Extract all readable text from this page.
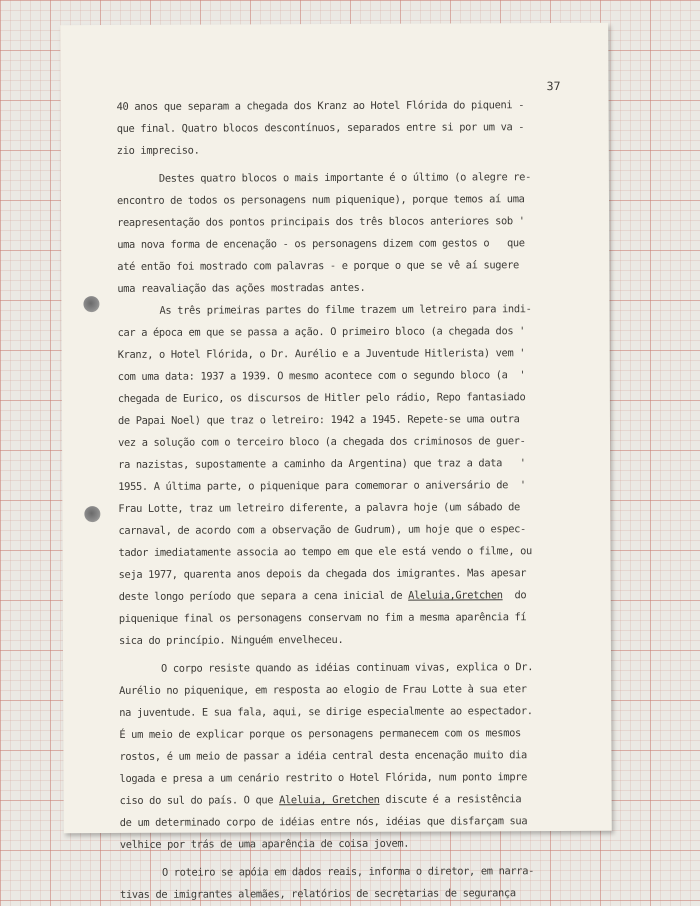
37
40 anos que separam a chegada dos Kranz ao Hotel Flórida do piqueni -
que final. Quatro blocos descontínuos, separados entre si por um va -
zio impreciso.
Destes quatro blocos o mais importante é o último (o alegre re-
encontro de todos os personagens num piquenique), porque temos aí uma
reapresentação dos pontos principais dos três blocos anteriores sob '
uma nova forma de encenação - os personagens dizem com gestos o   que
até então foi mostrado com palavras - e porque o que se vê aí sugere
uma reavaliação das ações mostradas antes.
As três primeiras partes do filme trazem um letreiro para indi-
car a época em que se passa a ação. O primeiro bloco (a chegada dos '
Kranz, o Hotel Flórida, o Dr. Aurélio e a Juventude Hitlerista) vem '
com uma data: 1937 a 1939. O mesmo acontece com o segundo bloco (a  '
chegada de Eurico, os discursos de Hitler pelo rádio, Repo fantasiado
de Papai Noel) que traz o letreiro: 1942 a 1945. Repete-se uma outra
vez a solução com o terceiro bloco (a chegada dos criminosos de guer-
ra nazistas, supostamente a caminho da Argentina) que traz a data   '
1955. A última parte, o piquenique para comemorar o aniversário de  '
Frau Lotte, traz um letreiro diferente, a palavra hoje (um sábado de
carnaval, de acordo com a observação de Gudrum), um hoje que o espec-
tador imediatamente associa ao tempo em que ele está vendo o filme, ou
seja 1977, quarenta anos depois da chegada dos imigrantes. Mas apesar
deste longo período que separa a cena inicial de Aleluia,Gretchen  do
piquenique final os personagens conservam no fim a mesma aparência fí
sica do princípio. Ninguém envelheceu.
O corpo resiste quando as idéias continuam vivas, explica o Dr.
Aurélio no piquenique, em resposta ao elogio de Frau Lotte à sua eter
na juventude. E sua fala, aqui, se dirige especialmente ao espectador.
É um meio de explicar porque os personagens permanecem com os mesmos
rostos, é um meio de passar a idéia central desta encenação muito dia
logada e presa a um cenário restrito o Hotel Flórida, num ponto impre
ciso do sul do país. O que Aleluia, Gretchen discute é a resistência
de um determinado corpo de idéias entre nós, idéias que disfarçam sua
velhice por trás de uma aparência de coisa jovem.
O roteiro se apóia em dados reais, informa o diretor, em narra-
tivas de imigrantes alemães, relatórios de secretarias de segurança
